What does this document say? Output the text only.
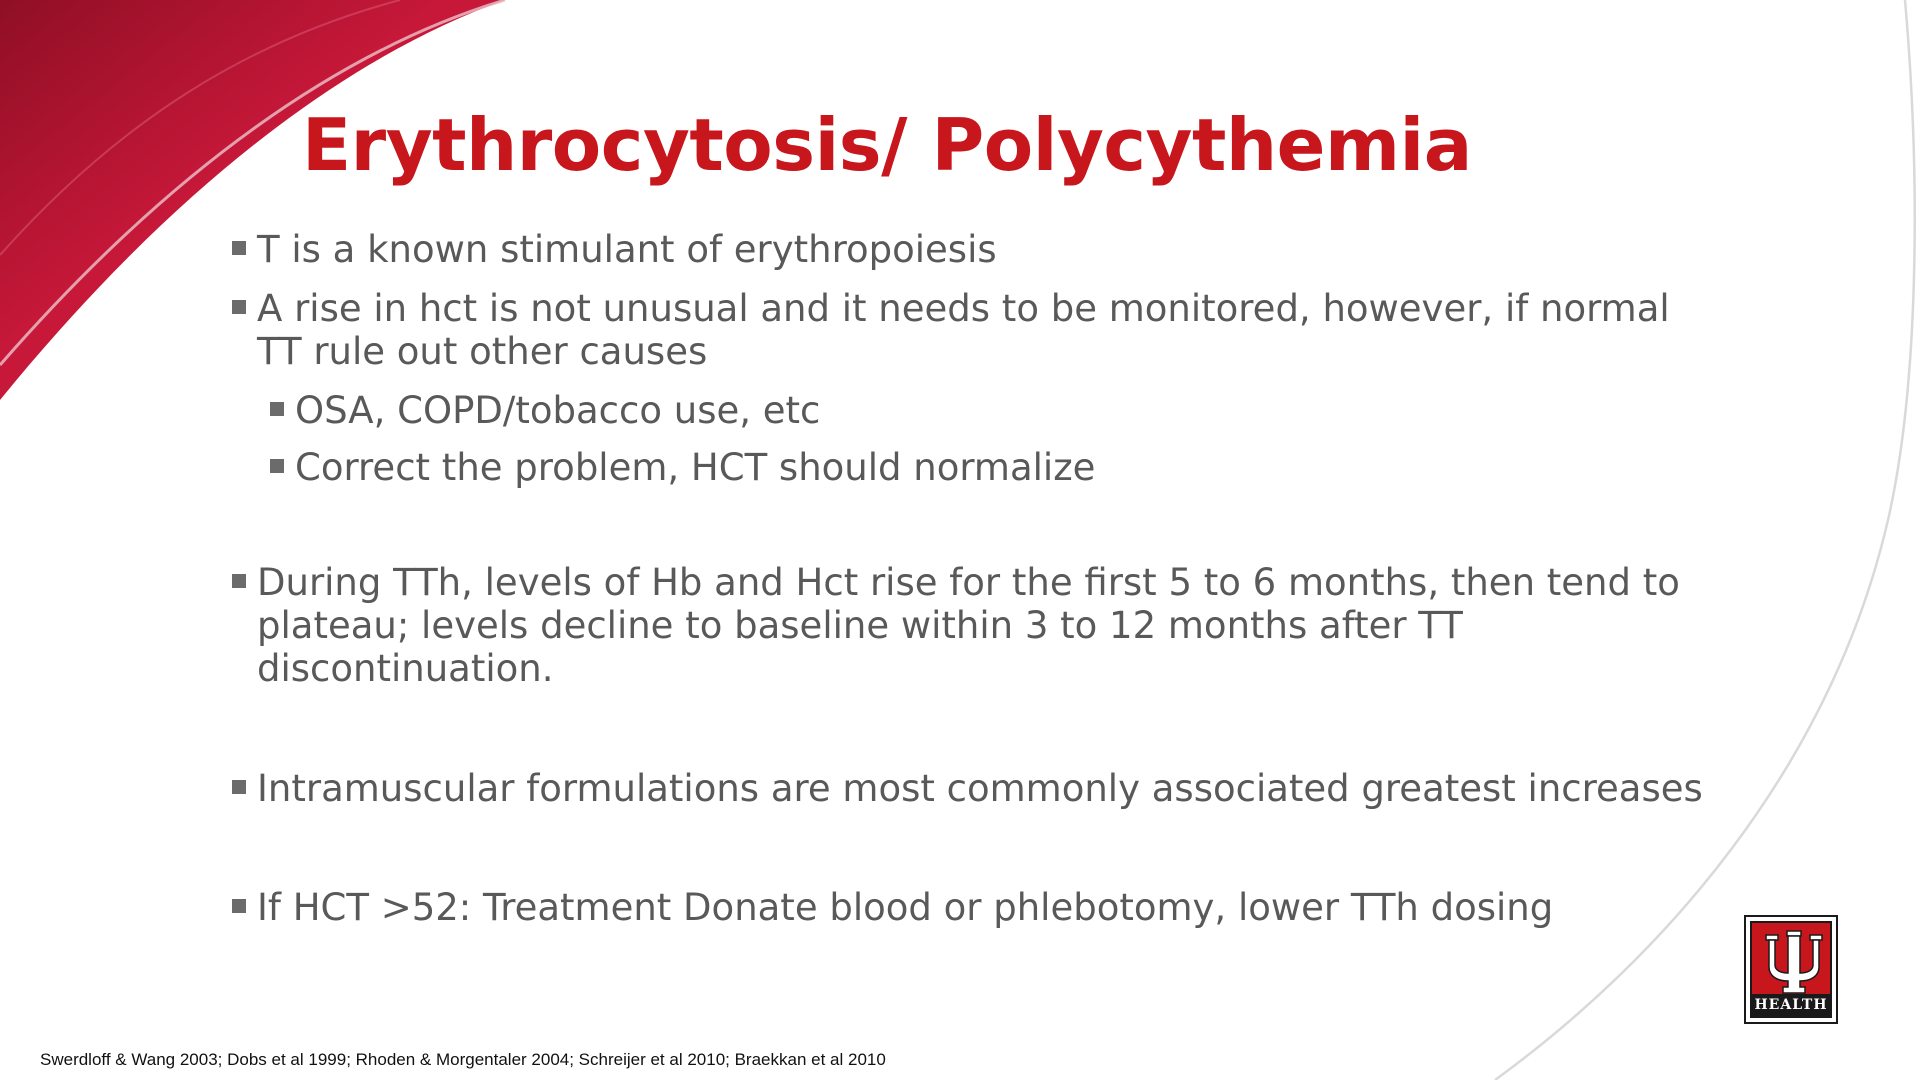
Erythrocytosis/ Polycythemia
T is a known stimulant of erythropoiesis
A rise in hct is not unusual and it needs to be monitored, however, if normal TT rule out other causes
OSA, COPD/tobacco use, etc
Correct the problem, HCT should normalize
During TTh, levels of Hb and Hct rise for the first 5 to 6 months, then tend to plateau; levels decline to baseline within 3 to 12 months after TT discontinuation.
Intramuscular formulations are most commonly associated greatest increases
If HCT >52: Treatment Donate blood or phlebotomy, lower TTh dosing

Swerdloff & Wang 2003; Dobs et al 1999; Rhoden & Morgentaler 2004; Schreijer et al 2010; Braekkan et al 2010

HEALTH
